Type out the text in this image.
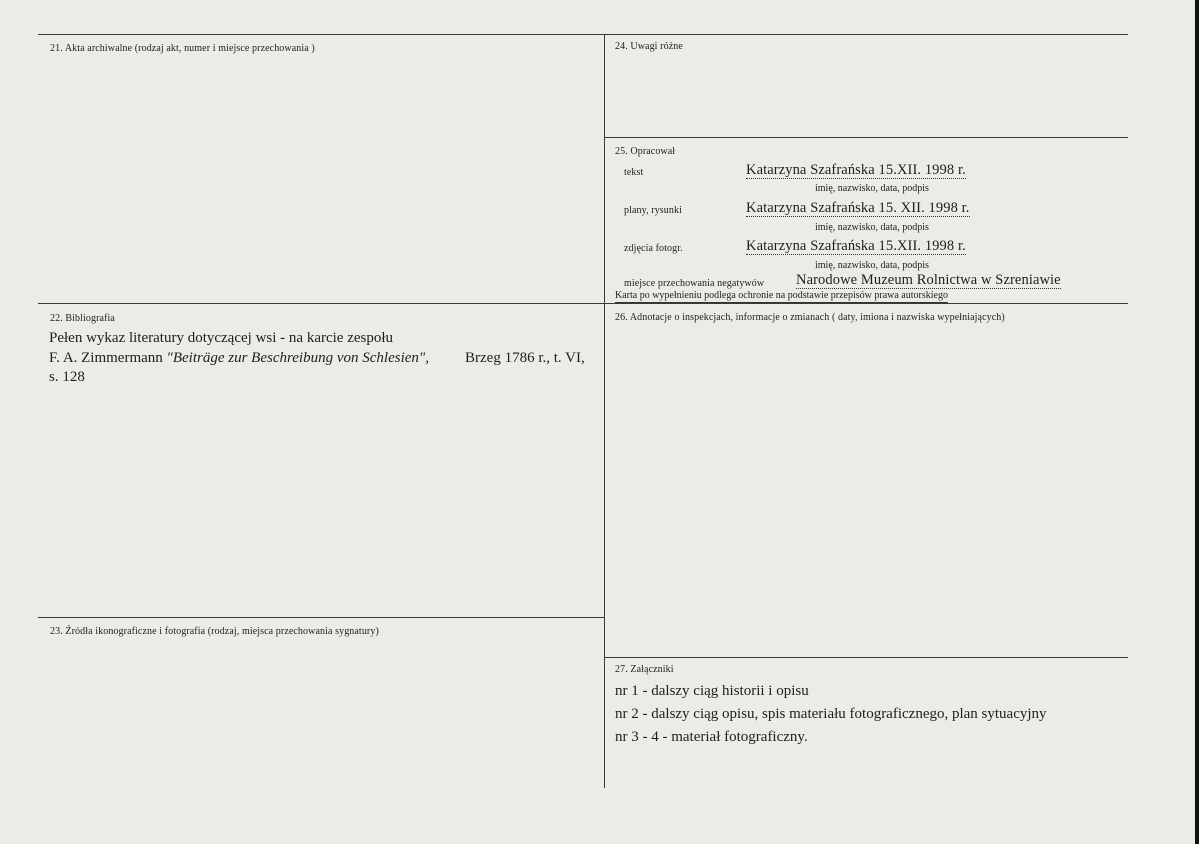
21. Akta archiwalne (rodzaj akt, numer i miejsce przechowania )
22. Bibliografia
Pełen wykaz literatury dotyczącej wsi - na karcie zespołu
F. A. Zimmermann "Beiträge zur Beschreibung von Schlesien", Brzeg 1786 r., t. VI,
s. 128
23. Źródła ikonograficzne i fotografia (rodzaj, miejsca przechowania sygnatury)
24. Uwagi różne
25. Opracował
tekst	Katarzyna Szafrańska 15.XII. 1998 r.
imię, nazwisko, data, podpis
plany, rysunki	Katarzyna Szafrańska 15. XII. 1998 r.
imię, nazwisko, data, podpis
zdjęcia fotogr.	Katarzyna Szafrańska 15.XII. 1998 r.
imię, nazwisko, data, podpis
miejsce przechowania negatywów Narodowe Muzeum Rolnictwa w Szreniawie
Karta po wypełnieniu podlega ochronie na podstawie przepisów prawa autorskiego
26. Adnotacje o inspekcjach, informacje o zmianach ( daty, imiona i nazwiska wypełniających)
27. Załączniki
nr 1 - dalszy ciąg historii i opisu
nr 2 - dalszy ciąg opisu, spis materiału fotograficznego, plan sytuacyjny
nr 3 - 4 - materiał fotograficzny.
